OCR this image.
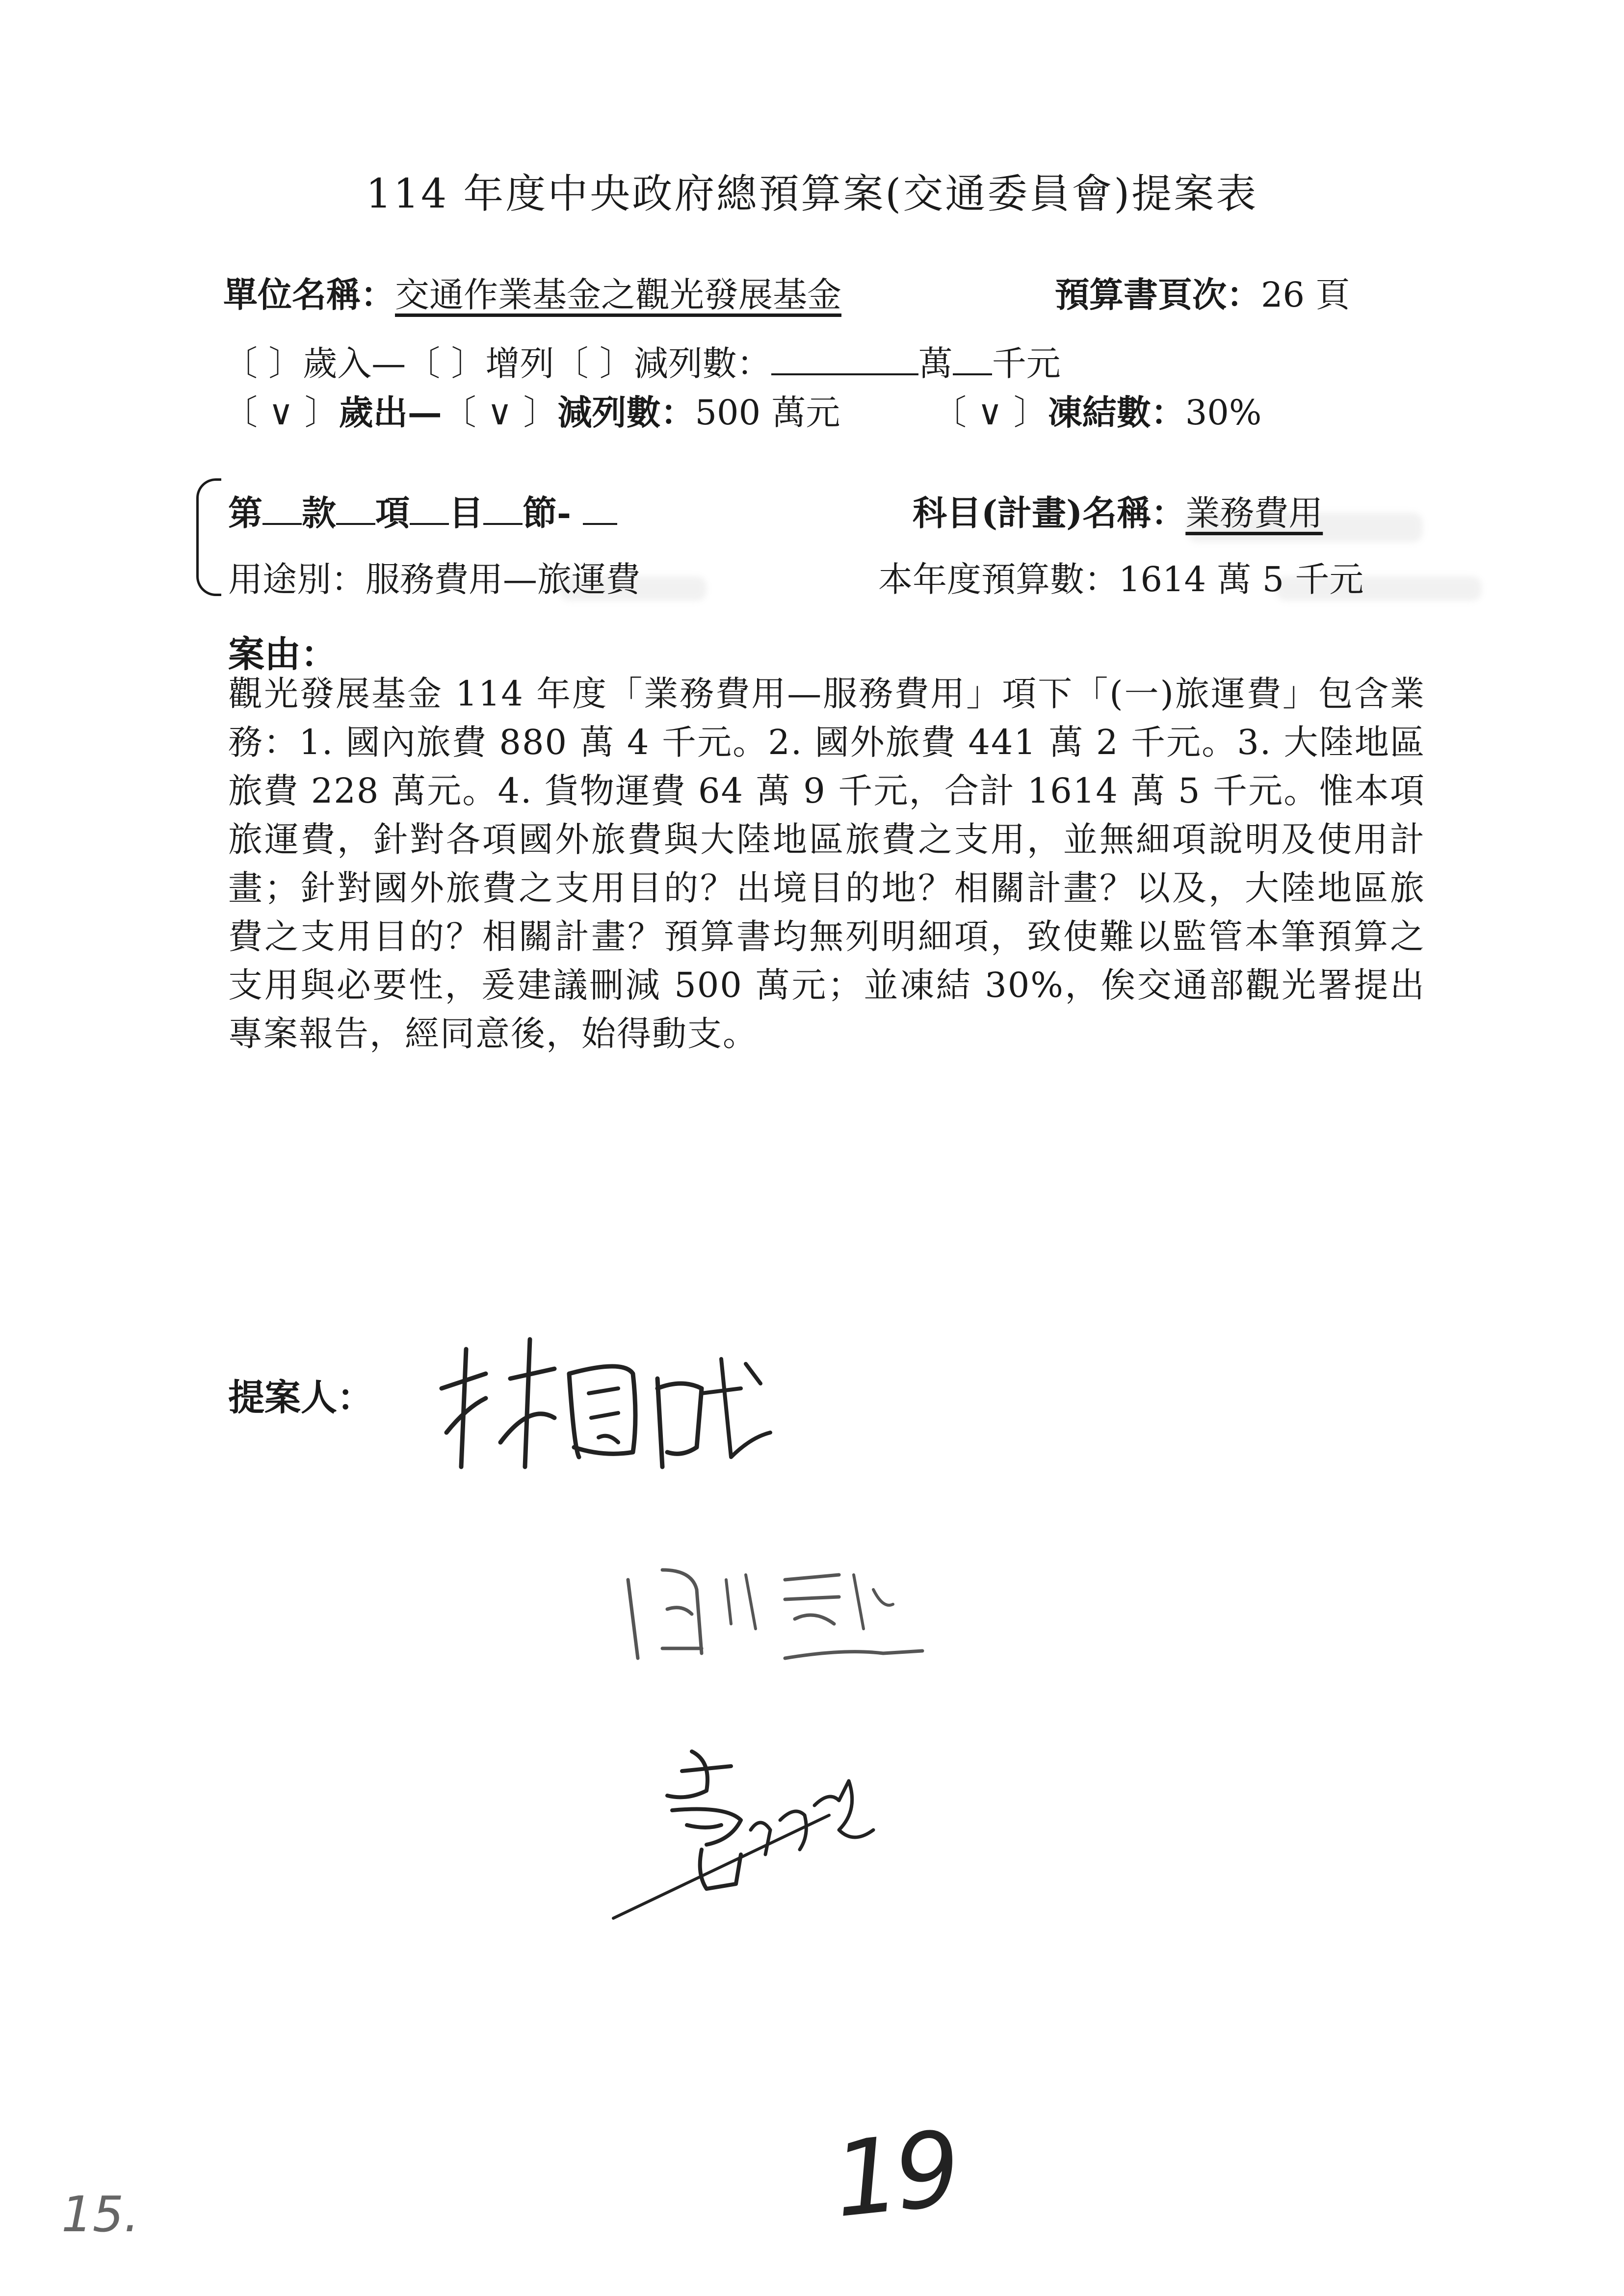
114 年度中央政府總預算案(交通委員會)提案表
單位名稱：交通作業基金之觀光發展基金	預算書頁次：26 頁
〔 〕歲入—〔 〕增列〔 〕減列數：	萬 千元
〔 ∨ 〕歲出—〔 ∨ 〕減列數：500 萬元	〔 ∨ 〕凍結數：30%
第 款 項 目 節-	科目(計畫)名稱：業務費用
用途別：服務費用—旅運費	本年度預算數：1614 萬 5 千元
案由：
觀光發展基金 114 年度「業務費用—服務費用」項下「(一)旅運費」包含業務：1. 國內旅費 880 萬 4 千元。2. 國外旅費 441 萬 2 千元。3. 大陸地區旅費 228 萬元。4. 貨物運費 64 萬 9 千元，合計 1614 萬 5 千元。惟本項旅運費，針對各項國外旅費與大陸地區旅費之支用，並無細項說明及使用計畫；針對國外旅費之支用目的？出境目的地？相關計畫？以及，大陸地區旅費之支用目的？相關計畫？預算書均無列明細項，致使難以監管本筆預算之支用與必要性，爰建議刪減 500 萬元；並凍結 30%，俟交通部觀光署提出專案報告，經同意後，始得動支。
提案人：
19
15.
